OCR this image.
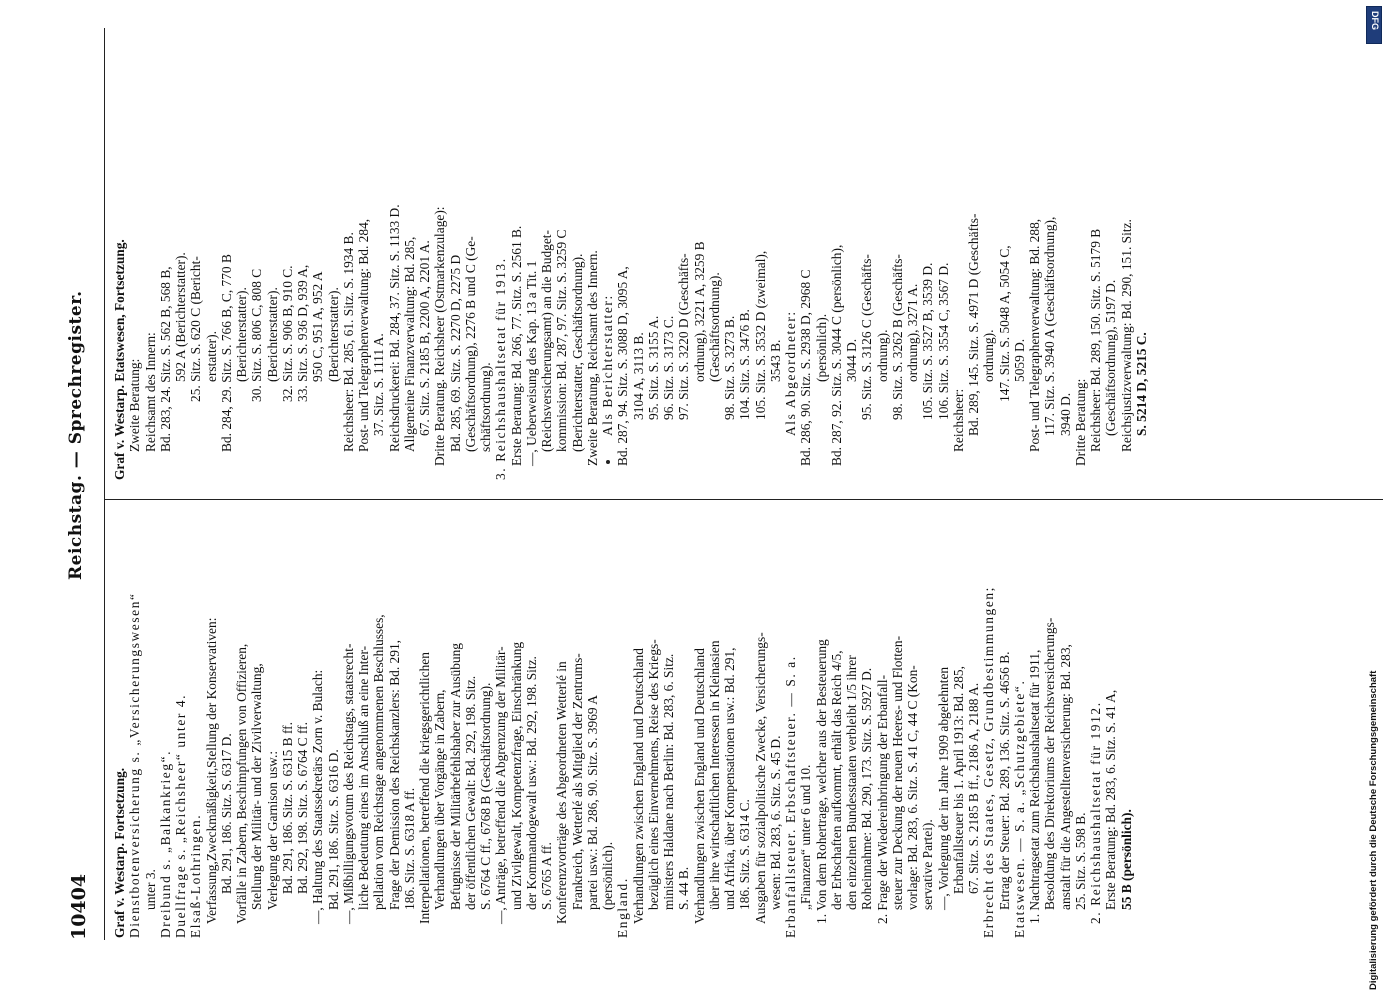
10404
Reichstag. — Sprechregister.
Graf v. Westarp. Fortsetzung. Dienstbotenversicherung s. „Versicherungswesen“ unter 3. Dreibund s. „Balkankrieg“. Duellfrage s. „Reichsheer“ unter 4. Elsaß-Lothringen. Verfassung,Zweckmäßigkeit,Stellung der Konservativen: Bd. 291, 186. Sitz. S. 6317 D. Vorfälle in Zabern, Beschimpfungen von Offizieren, Stellung der Militär- und der Zivilverwaltung, Verlegung der Garnison usw.: Bd. 291, 186. Sitz. S. 6315 B ff. Bd. 292, 198. Sitz. S. 6764 C ff. —, Haltung des Staatssekretärs Zorn v. Bulach: Bd. 291, 186. Sitz. S. 6316 D. —, Mißbilligungsvotum des Reichstags, staatsrecht- liche Bedeutung eines im Anschluß an eine Inter- pellation vom Reichstage angenommenen Beschlusses, Frage der Demission des Reichskanzlers: Bd. 291, 186. Sitz. S. 6318 A ff. Interpellationen, betreffend die kriegsgerichtlichen Verhandlungen über Vorgänge in Zabern, Befugnisse der Militärbefehlshaber zur Ausübung der öffentlichen Gewalt: Bd. 292, 198. Sitz. S. 6764 C ff., 6768 B (Geschäftsordnung). —, Anträge, betreffend die Abgrenzung der Militär- und Zivilgewalt, Kompetenzfrage, Einschränkung der Kommandogewalt usw.: Bd. 292, 198. Sitz. S. 6765 A ff. Konferenzvorträge des Abgeordneten Wetterlé in Frankreich, Wetterlé als Mitglied der Zentrums- partei usw.: Bd. 286, 90. Sitz. S. 3969 A (persönlich). England. Verhandlungen zwischen England und Deutschland bezüglich eines Einvernehmens, Reise des Kriegs- ministers Haldane nach Berlin: Bd. 283, 6. Sitz. S. 44 B. Verhandlungen zwischen England und Deutschland über ihre wirtschaftlichen Interessen in Kleinasien und Afrika, über Kompensationen usw.: Bd. 291, 186. Sitz. S. 6314 C. Ausgaben für sozialpolitische Zwecke, Versicherungs- wesen: Bd. 283, 6. Sitz. S. 45 D. Erbanfallsteuer. Erbschaftsteuer. — S. a. „Finanzen“ unter 6 und 10. 1. Von dem Rohertrage, welcher aus der Besteuerung der Erbschaften aufkommt, erhält das Reich 4/5, den einzelnen Bundesstaaten verbleibt 1/5 ihrer Roheinnahme: Bd. 290, 173. Sitz. S. 5927 D. 2. Frage der Wiedereinbringung der Erbanfall- steuer zur Deckung der neuen Heeres- und Flotten- vorlage: Bd. 283, 6. Sitz. S. 41 C, 44 C (Kon- servative Partei). —, Vorlegung der im Jahre 1909 abgelehnten Erbanfallsteuer bis 1. April 1913: Bd. 285, 67. Sitz. S. 2185 B ff., 2186 A, 2188 A. Erbrecht des Staates, Gesetz, Grundbestimmungen; Ertrag der Steuer: Bd. 289, 136. Sitz. S. 4656 B. Etatswesen. — S. a. „Schutzgebiete“. 1. Nachtragsetat zum Reichshaushaltsetat für 1911, Besoldung des Direktoriums der Reichsversicherungs- anstalt für die Angestelltenversicherung: Bd. 283, 25. Sitz. S. 598 B. 2. Reichshaushaltsetat für 1912. Erste Beratung: Bd. 283, 6. Sitz. S. 41 A, 55 B (persönlich).
Graf v. Westarp. Etatswesen, Fortsetzung. Zweite Beratung: Reichsamt des Innern: Bd. 283, 24. Sitz. S. 562 B, 568 B, 592 A (Berichterstatter). 25. Sitz. S. 620 C (Bericht- erstatter). Bd. 284, 29. Sitz. S. 766 B, C, 770 B (Berichterstatter). 30. Sitz. S. 806 C, 808 C (Berichterstatter). 32. Sitz. S. 906 B, 910 C. 33. Sitz. S. 936 D, 939 A, 950 C, 951 A, 952 A (Berichterstatter). Reichsheer: Bd. 285, 61. Sitz. S. 1934 B. Post- und Telegraphenverwaltung: Bd. 284, 37. Sitz. S. 1111 A. Reichsdruckerei: Bd. 284, 37. Sitz. S. 1133 D. Allgemeine Finanzverwaltung: Bd. 285, 67. Sitz. S. 2185 B, 2200 A, 2201 A. Dritte Beratung. Reichsheer (Ostmarkenzulage): Bd. 285, 69. Sitz. S. 2270 D, 2275 D (Geschäftsordnung), 2276 B und C (Ge- schäftsordnung). 3. Reichshaushaltsetat für 1913. Erste Beratung: Bd. 266, 77. Sitz. S. 2561 B. —, Ueberweisung des Kap. 13 a Tit. 1 (Reichsversicherungsamt) an die Budget- kommission: Bd. 287, 97. Sitz. S. 3259 C (Berichterstatter, Geschäftsordnung). Zweite Beratung, Reichsamt des Innern. Als Berichterstatter: Bd. 287, 94. Sitz. S. 3088 D, 3095 A, 3104 A, 3113 B. 95. Sitz. S. 3155 A. 96. Sitz. S. 3173 C. 97. Sitz. S. 3220 D (Geschäfts- ordnung), 3221 A, 3259 B (Geschäftsordnung). 98. Sitz. S. 3273 B. 104. Sitz. S. 3476 B. 105. Sitz. S. 3532 D (zweimal), 3543 B. Als Abgeordneter: Bd. 286, 90. Sitz. S. 2938 D, 2968 C (persönlich). Bd. 287, 92. Sitz. S. 3044 C (persönlich), 3044 D. 95. Sitz. S. 3126 C (Geschäfts- ordnung). 98. Sitz. S. 3262 B (Geschäfts- ordnung), 3271 A. 105. Sitz. S. 3527 B, 3539 D. 106. Sitz. S. 3554 C, 3567 D.
Reichsheer: Bd. 289, 145. Sitz. S. 4971 D (Geschäfts- ordnung). 147. Sitz. S. 5048 A, 5054 C, 5059 D. Post- und Telegraphenverwaltung: Bd. 288, 117. Sitz. S. 3940 A (Geschäftsordnung), 3940 D. Dritte Beratung: Reichsheer: Bd. 289, 150. Sitz. S. 5179 B (Geschäftsordnung), 5197 D. Reichsjustizverwaltung: Bd. 290, 151. Sitz. S. 5214 D, 5215 C.
DFG
Digitalisierung gefördert durch die Deutsche Forschungsgemeinschaft
